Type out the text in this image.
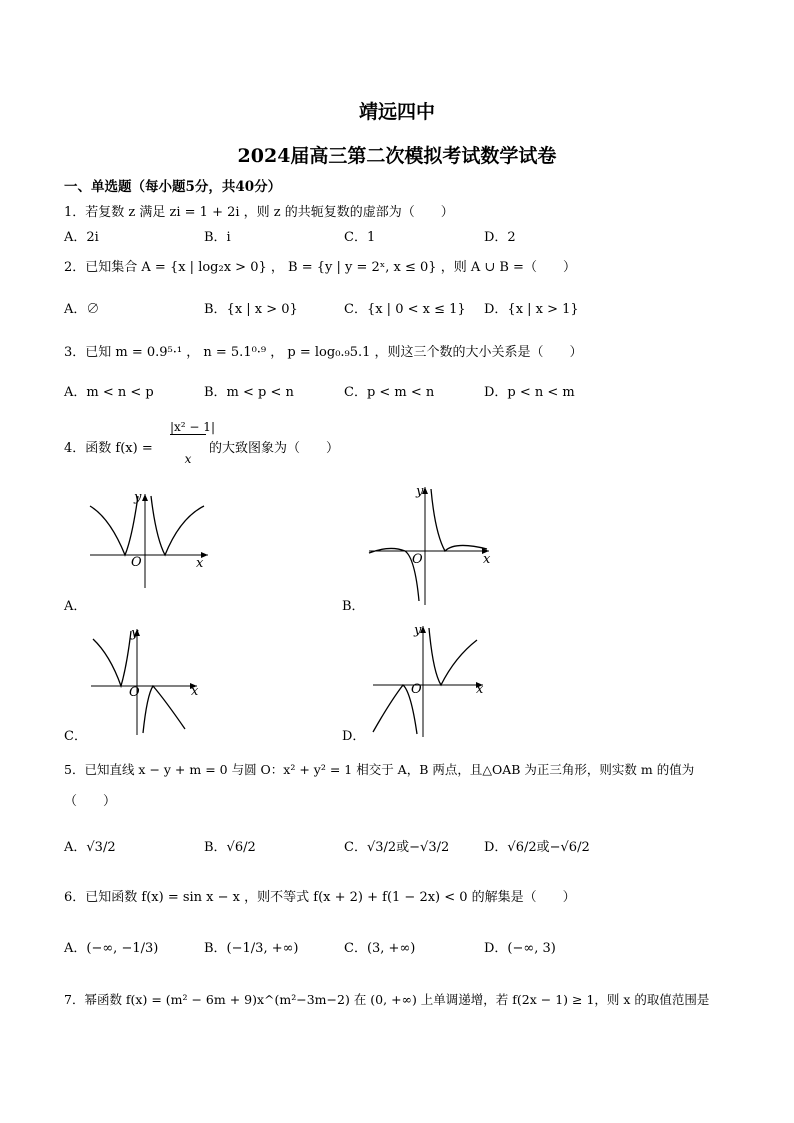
靖远四中
2024届高三第二次模拟考试数学试卷
一、单选题（每小题5分，共40分）
1．若复数 z 满足 zi = 1 + 2i ，则 z 的共轭复数的虚部为（　　）
A．2i	B．i	C．1	D．2
2．已知集合 A = {x | log₂x > 0} ， B = {y | y = 2ˣ, x ≤ 0} ，则 A ∪ B =（　　）
A．∅	B．{x | x > 0}	C．{x | 0 < x ≤ 1} D．{x | x > 1}
3．已知 m = 0.9⁵·¹ ， n = 5.1⁰·⁹ ， p = log₀.₉5.1 ，则这三个数的大小关系是（　　）
A．m < n < p	B．m < p < n	C．p < m < n	D．p < n < m
4．函数 f(x) =
|x² − 1|
x
的大致图象为（　　）
y
x
O
A．
y
x
O
B．
y
x
O
C．
y
x
O
D．
5．已知直线 x − y + m = 0 与圆 O：x² + y² = 1 相交于 A，B 两点，且△OAB 为正三角形，则实数 m 的值为
（　　）
A．√3/2	B．√6/2	C．√3/2或−√3/2	D．√6/2或−√6/2
6．已知函数 f(x) = sin x − x ，则不等式 f(x + 2) + f(1 − 2x) < 0 的解集是（　　）
A．(−∞, −1/3)	B．(−1/3, +∞)	C．(3, +∞)	D．(−∞, 3)
7．幂函数 f(x) = (m² − 6m + 9)x^(m²−3m−2) 在 (0, +∞) 上单调递增，若 f(2x − 1) ≥ 1，则 x 的取值范围是
